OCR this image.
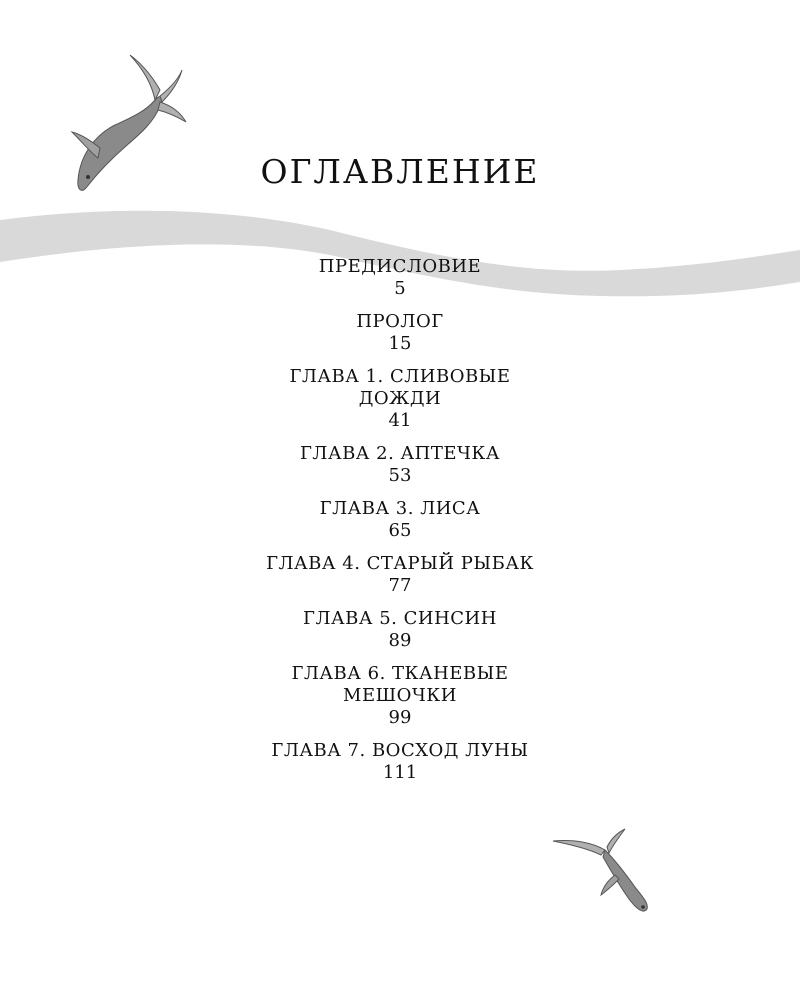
ОГЛАВЛЕНИЕ
ПРЕДИСЛОВИЕ
5
ПРОЛОГ
15
ГЛАВА 1. СЛИВОВЫЕ ДОЖДИ
41
ГЛАВА 2. АПТЕЧКА
53
ГЛАВА 3. ЛИСА
65
ГЛАВА 4. СТАРЫЙ РЫБАК
77
ГЛАВА 5. СИНСИН
89
ГЛАВА 6. ТКАНЕВЫЕ МЕШОЧКИ
99
ГЛАВА 7. ВОСХОД ЛУНЫ
111
